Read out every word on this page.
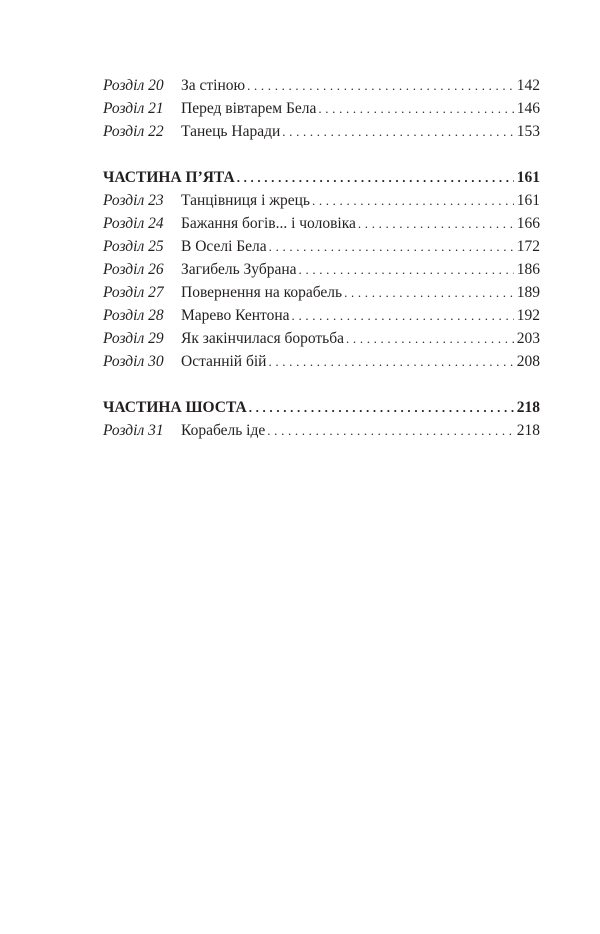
Розділ 20	За стіною . . .	142
Розділ 21	Перед вівтарем Бела . . .	146
Розділ 22	Танець Наради . . .	153
ЧАСТИНА П’ЯТА . . .	161
Розділ 23	Танцівниця і жрець . . .	161
Розділ 24	Бажання богів... і чоловіка . . .	166
Розділ 25	В Оселі Бела . . .	172
Розділ 26	Загибель Зубрана . . .	186
Розділ 27	Повернення на корабель . . .	189
Розділ 28	Марево Кентона . . .	192
Розділ 29	Як закінчилася боротьба . . .	203
Розділ 30	Останній бій . . .	208
ЧАСТИНА ШОСТА . . .	218
Розділ 31	Корабель іде . . .	218
